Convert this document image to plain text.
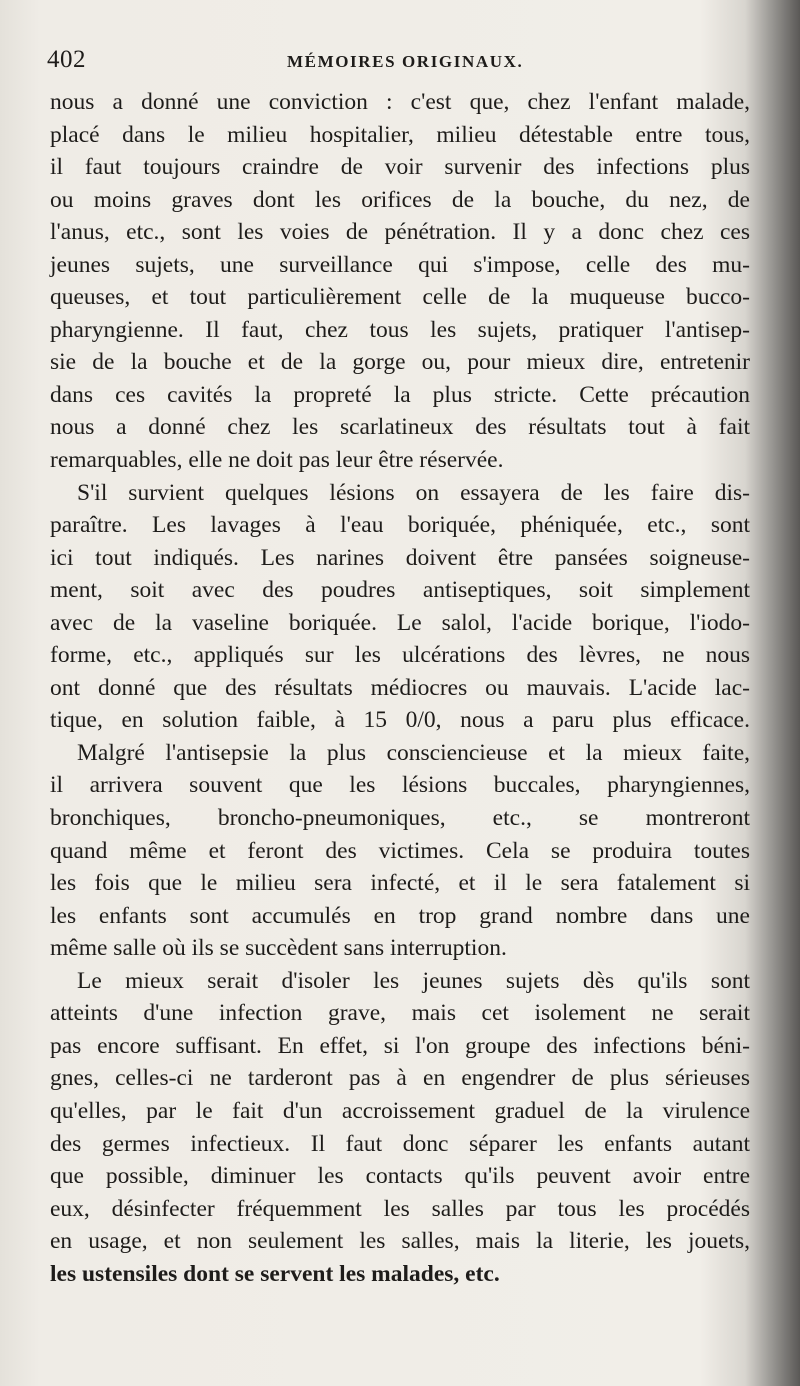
402	MÉMOIRES ORIGINAUX.
nous a donné une conviction : c'est que, chez l'enfant malade,
placé dans le milieu hospitalier, milieu détestable entre tous,
il faut toujours craindre de voir survenir des infections plus
ou moins graves dont les orifices de la bouche, du nez, de
l'anus, etc., sont les voies de pénétration. Il y a donc chez ces
jeunes sujets, une surveillance qui s'impose, celle des mu-
queuses, et tout particulièrement celle de la muqueuse bucco-
pharyngienne. Il faut, chez tous les sujets, pratiquer l'antisep-
sie de la bouche et de la gorge ou, pour mieux dire, entretenir
dans ces cavités la propreté la plus stricte. Cette précaution
nous a donné chez les scarlatineux des résultats tout à fait
remarquables, elle ne doit pas leur être réservée.
S'il survient quelques lésions on essayera de les faire dis-
paraître. Les lavages à l'eau boriquée, phéniquée, etc., sont
ici tout indiqués. Les narines doivent être pansées soigneuse-
ment, soit avec des poudres antiseptiques, soit simplement
avec de la vaseline boriquée. Le salol, l'acide borique, l'iodo-
forme, etc., appliqués sur les ulcérations des lèvres, ne nous
ont donné que des résultats médiocres ou mauvais. L'acide lac-
tique, en solution faible, à 15 0/0, nous a paru plus efficace.
Malgré l'antisepsie la plus consciencieuse et la mieux faite,
il arrivera souvent que les lésions buccales, pharyngiennes,
bronchiques, broncho-pneumoniques, etc., se montreront
quand même et feront des victimes. Cela se produira toutes
les fois que le milieu sera infecté, et il le sera fatalement si
les enfants sont accumulés en trop grand nombre dans une
même salle où ils se succèdent sans interruption.
Le mieux serait d'isoler les jeunes sujets dès qu'ils sont
atteints d'une infection grave, mais cet isolement ne serait
pas encore suffisant. En effet, si l'on groupe des infections béni-
gnes, celles-ci ne tarderont pas à en engendrer de plus sérieuses
qu'elles, par le fait d'un accroissement graduel de la virulence
des germes infectieux. Il faut donc séparer les enfants autant
que possible, diminuer les contacts qu'ils peuvent avoir entre
eux, désinfecter fréquemment les salles par tous les procédés
en usage, et non seulement les salles, mais la literie, les jouets,
les ustensiles dont se servent les malades, etc.
